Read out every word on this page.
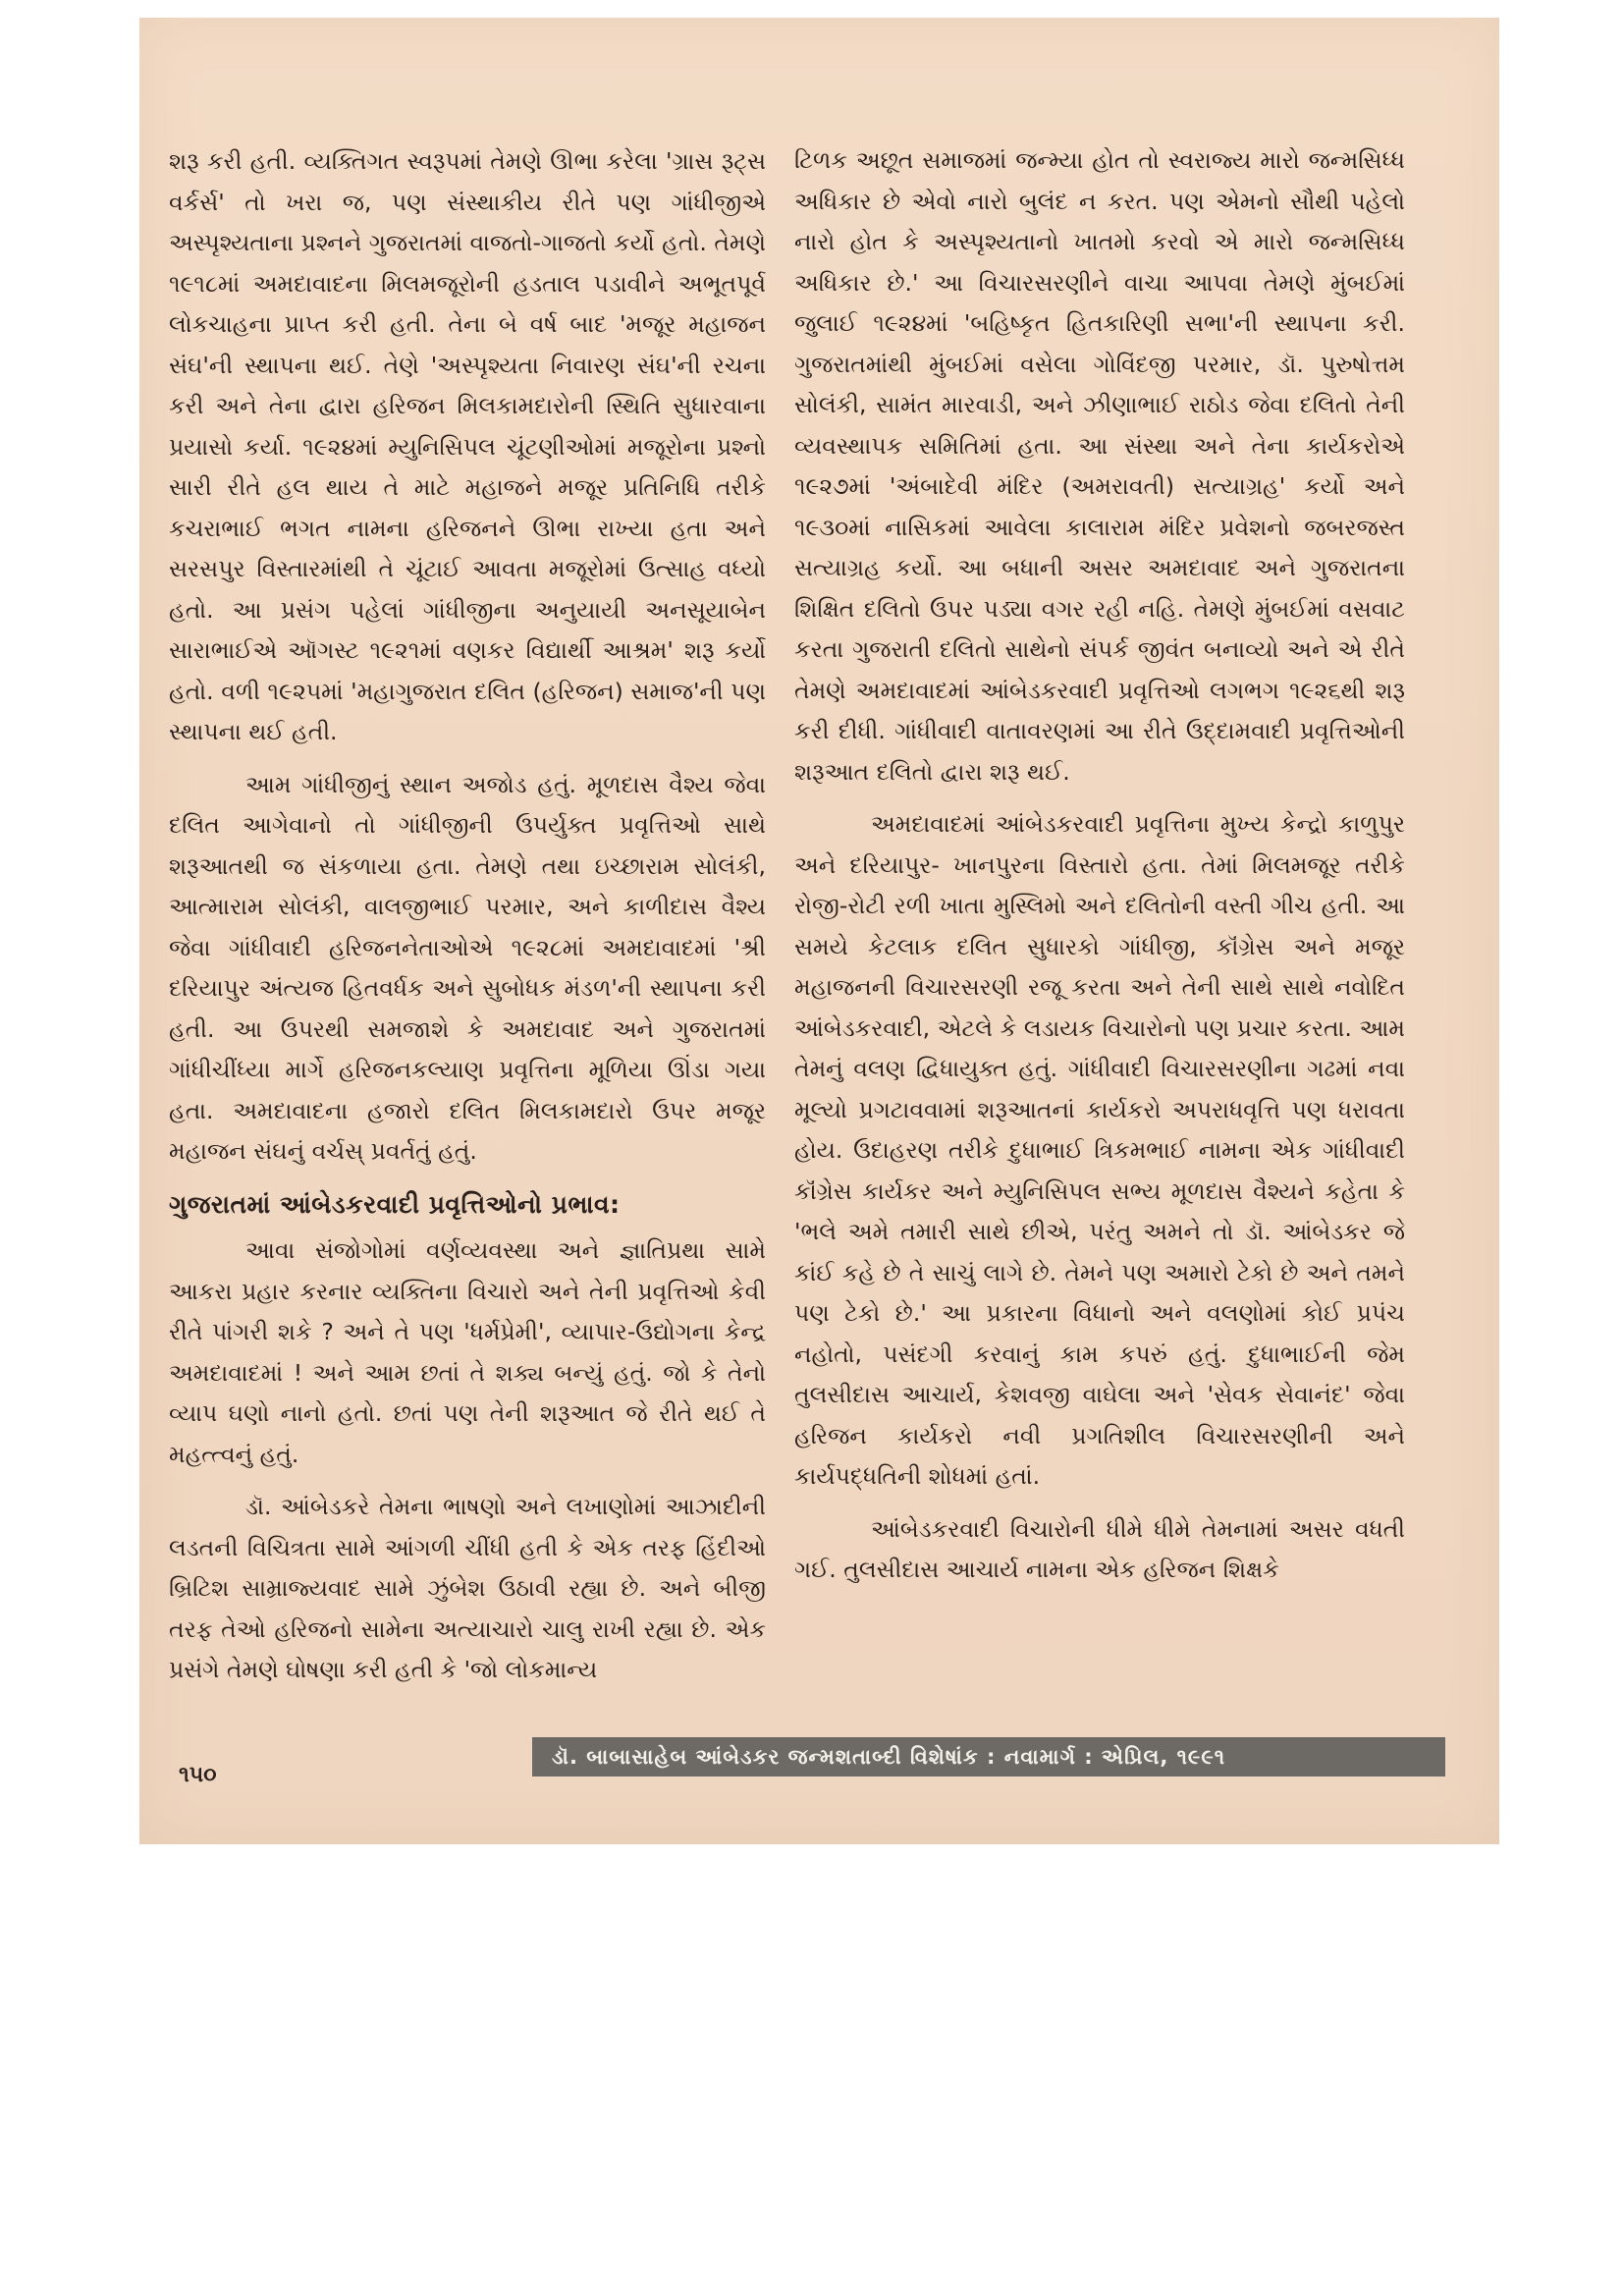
શરૂ કરી હતી. વ્યક્તિગત સ્વરૂપમાં તેમણે ઊભા કરેલા 'ગ્રાસ રૂટ્સ વર્કર્સ' તો ખરા જ, પણ સંસ્થાકીય રીતે પણ ગાંધીજીએ અસ્પૃશ્યતાના પ્રશ્નને ગુજરાતમાં વાજતો-ગાજતો કર્યો હતો. તેમણે ૧૯૧૮માં અમદાવાદના મિલમજૂરોની હડતાલ પડાવીને અભૂતપૂર્વ લોકચાહના પ્રાપ્ત કરી હતી. તેના બે વર્ષ બાદ 'મજૂર મહાજન સંઘ'ની સ્થાપના થઈ. તેણે 'અસ્પૃશ્યતા નિવારણ સંઘ'ની રચના કરી અને તેના દ્વારા હરિજન મિલકામદારોની સ્થિતિ સુધારવાના પ્રયાસો કર્યા. ૧૯૨૪માં મ્યુનિસિપલ ચૂંટણીઓમાં મજૂરોના પ્રશ્નો સારી રીતે હલ થાય તે માટે મહાજને મજૂર પ્રતિનિધિ તરીકે કચરાભાઈ ભગત નામના હરિજનને ઊભા રાખ્યા હતા અને સરસપુર વિસ્તારમાંથી તે ચૂંટાઈ આવતા મજૂરોમાં ઉત્સાહ વધ્યો હતો. આ પ્રસંગ પહેલાં ગાંધીજીના અનુયાયી અનસૂયાબેન સારાભાઈએ ઑગસ્ટ ૧૯૨૧માં વણકર વિદ્યાર્થી આશ્રમ' શરૂ કર્યો હતો. વળી ૧૯૨૫માં 'મહાગુજરાત દલિત (હરિજન) સમાજ'ની પણ સ્થાપના થઈ હતી.

આમ ગાંધીજીનું સ્થાન અજોડ હતું. મૂળદાસ વૈશ્ય જેવા દલિત આગેવાનો તો ગાંધીજીની ઉપર્યુક્ત પ્રવૃત્તિઓ સાથે શરૂઆતથી જ સંકળાયા હતા. તેમણે તથા ઇચ્છારામ સોલંકી, આત્મારામ સોલંકી, વાલજીભાઈ પરમાર, અને કાળીદાસ વૈશ્ય જેવા ગાંધીવાદી હરિજનનેતાઓએ ૧૯૨૮માં અમદાવાદમાં 'શ્રી દરિયાપુર અંત્યજ હિતવર્ધક અને સુબોધક મંડળ'ની સ્થાપના કરી હતી. આ ઉપરથી સમજાશે કે અમદાવાદ અને ગુજરાતમાં ગાંધીચીંધ્યા માર્ગે હરિજનકલ્યાણ પ્રવૃત્તિના મૂળિયા ઊંડા ગયા હતા. અમદાવાદના હજારો દલિત મિલકામદારો ઉપર મજૂર મહાજન સંઘનું વર્ચસ્ પ્રવર્તતું હતું.

ગુજરાતમાં આંબેડકરવાદી પ્રવૃત્તિઓનો પ્રભાવ:

આવા સંજોગોમાં વર્ણવ્યવસ્થા અને જ્ઞાતિપ્રથા સામે આકરા પ્રહાર કરનાર વ્યક્તિના વિચારો અને તેની પ્રવૃત્તિઓ કેવી રીતે પાંગરી શકે ? અને તે પણ 'ધર્મપ્રેમી', વ્યાપાર-ઉદ્યોગના કેન્દ્ર અમદાવાદમાં ! અને આમ છતાં તે શક્ય બન્યું હતું. જો કે તેનો વ્યાપ ઘણો નાનો હતો. છતાં પણ તેની શરૂઆત જે રીતે થઈ તે મહત્ત્વનું હતું.

ડૉ. આંબેડકરે તેમના ભાષણો અને લખાણોમાં આઝાદીની લડતની વિચિત્રતા સામે આંગળી ચીંધી હતી કે એક તરફ હિંદીઓ બ્રિટિશ સામ્રાજ્યવાદ સામે ઝુંબેશ ઉઠાવી રહ્યા છે. અને બીજી તરફ તેઓ હરિજનો સામેના અત્યાચારો ચાલુ રાખી રહ્યા છે. એક પ્રસંગે તેમણે ઘોષણા કરી હતી કે 'જો લોકમાન્ય

ટિળક અછૂત સમાજમાં જન્મ્યા હોત તો સ્વરાજ્ય મારો જન્મસિધ્ધ અધિકાર છે એવો નારો બુલંદ ન કરત. પણ એમનો સૌથી પહેલો નારો હોત કે અસ્પૃશ્યતાનો ખાતમો કરવો એ મારો જન્મસિધ્ધ અધિકાર છે.' આ વિચારસરણીને વાચા આપવા તેમણે મુંબઈમાં જુલાઈ ૧૯૨૪માં 'બહિષ્કૃત હિતકારિણી સભા'ની સ્થાપના કરી. ગુજરાતમાંથી મુંબઈમાં વસેલા ગોવિંદજી પરમાર, ડૉ. પુરુષોત્તમ સોલંકી, સામંત મારવાડી, અને ઝીણાભાઈ રાઠોડ જેવા દલિતો તેની વ્યવસ્થાપક સમિતિમાં હતા. આ સંસ્થા અને તેના કાર્યકરોએ ૧૯૨૭માં 'અંબાદેવી મંદિર (અમરાવતી) સત્યાગ્રહ' કર્યો અને ૧૯૩૦માં નાસિકમાં આવેલા કાલારામ મંદિર પ્રવેશનો જબરજસ્ત સત્યાગ્રહ કર્યો. આ બધાની અસર અમદાવાદ અને ગુજરાતના શિક્ષિત દલિતો ઉપર પડ્યા વગર રહી નહિ. તેમણે મુંબઈમાં વસવાટ કરતા ગુજરાતી દલિતો સાથેનો સંપર્ક જીવંત બનાવ્યો અને એ રીતે તેમણે અમદાવાદમાં આંબેડકરવાદી પ્રવૃત્તિઓ લગભગ ૧૯૨૬થી શરૂ કરી દીધી. ગાંધીવાદી વાતાવરણમાં આ રીતે ઉદ્દામવાદી પ્રવૃત્તિઓની શરૂઆત દલિતો દ્વારા શરૂ થઈ.

અમદાવાદમાં આંબેડકરવાદી પ્રવૃત્તિના મુખ્ય કેન્દ્રો કાળુપુર અને દરિયાપુર- ખાનપુરના વિસ્તારો હતા. તેમાં મિલમજૂર તરીકે રોજી-રોટી રળી ખાતા મુસ્લિમો અને દલિતોની વસ્તી ગીચ હતી. આ સમયે કેટલાક દલિત સુધારકો ગાંધીજી, કૉંગ્રેસ અને મજૂર મહાજનની વિચારસરણી રજૂ કરતા અને તેની સાથે સાથે નવોદિત આંબેડકરવાદી, એટલે કે લડાયક વિચારોનો પણ પ્રચાર કરતા. આમ તેમનું વલણ દ્વિધાયુક્ત હતું. ગાંધીવાદી વિચારસરણીના ગઢમાં નવા મૂલ્યો પ્રગટાવવામાં શરૂઆતનાં કાર્યકરો અપરાધવૃત્તિ પણ ધરાવતા હોય. ઉદાહરણ તરીકે દુધાભાઈ ત્રિકમભાઈ નામના એક ગાંધીવાદી કૉંગ્રેસ કાર્યકર અને મ્યુનિસિપલ સભ્ય મૂળદાસ વૈશ્યને કહેતા કે 'ભલે અમે તમારી સાથે છીએ, પરંતુ અમને તો ડૉ. આંબેડકર જે કાંઈ કહે છે તે સાચું લાગે છે. તેમને પણ અમારો ટેકો છે અને તમને પણ ટેકો છે.' આ પ્રકારના વિધાનો અને વલણોમાં કોઈ પ્રપંચ નહોતો, પસંદગી કરવાનું કામ કપરું હતું. દુધાભાઈની જેમ તુલસીદાસ આચાર્ય, કેશવજી વાઘેલા અને 'સેવક સેવાનંદ' જેવા હરિજન કાર્યકરો નવી પ્રગતિશીલ વિચારસરણીની અને કાર્યપદ્ધતિની શોધમાં હતાં.

આંબેડકરવાદી વિચારોની ધીમે ધીમે તેમનામાં અસર વધતી ગઈ. તુલસીદાસ આચાર્ય નામના એક હરિજન શિક્ષકે

૧૫૦
ડૉ. બાબાસાહેબ આંબેડકર જન્મશતાબ્દી વિશેષાંક : નવામાર્ગ : એપ્રિલ, ૧૯૯૧
